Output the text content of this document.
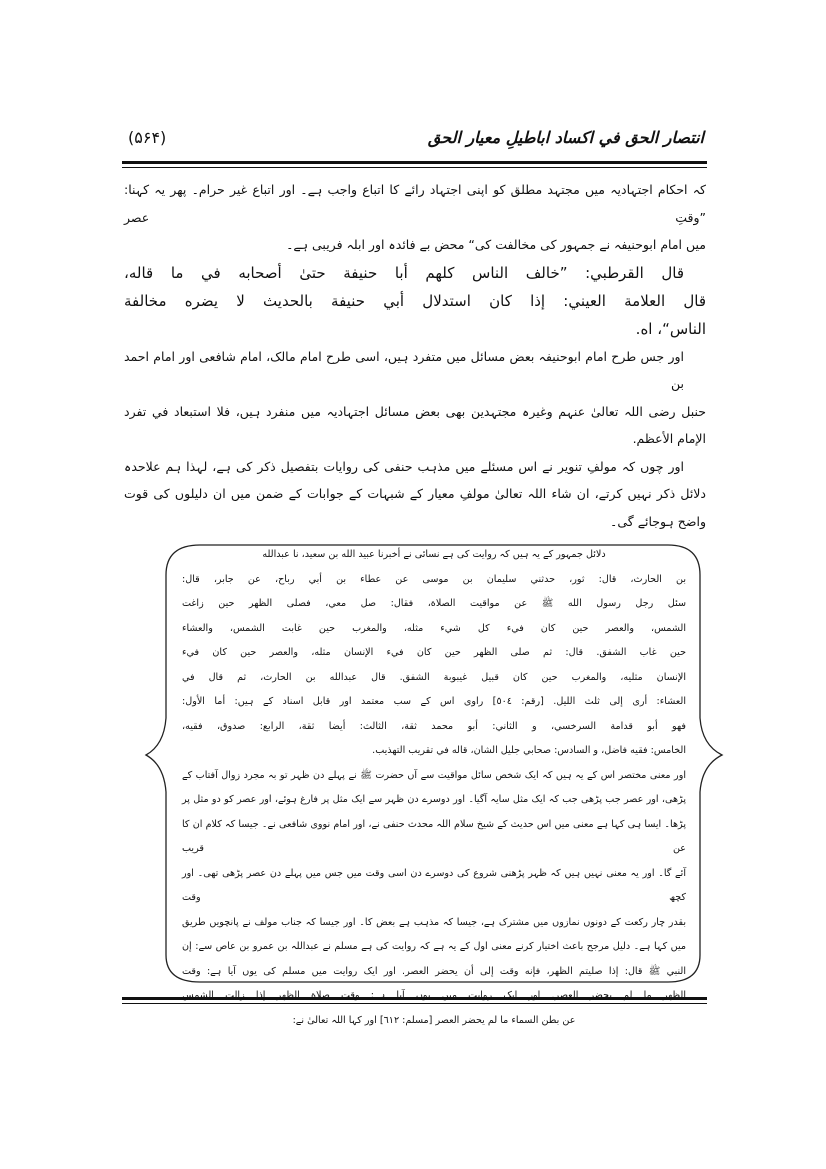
انتصار الحق في اكساد اباطيلِ معيار الحق
(۵۶۴)
کہ احکام اجتہادیہ میں مجتہد مطلق کو اپنی اجتہاد رائے کا اتباع واجب ہے۔ اور اتباع غیر حرام۔ پھر یہ کہنا: ”وقتِ عصر
میں امام ابوحنیفہ نے جمہور کی مخالفت کی“ محض بے فائدہ اور ابلہ فریبی ہے۔
قال القرطبي: ”خالف الناس كلهم أبا حنيفة حتىٰ أصحابه في ما قاله،
قال العلامة العيني: إذا كان استدلال أبي حنيفة بالحديث لا يضره مخالفة
الناس“، اه.
اور جس طرح امام ابوحنیفہ بعض مسائل میں متفرد ہیں، اسی طرح امام مالک، امام شافعی اور امام احمد بن
حنبل رضی اللہ تعالیٰ عنہم وغیرہ مجتہدین بھی بعض مسائل اجتہادیہ میں منفرد ہیں، فلا استبعاد في تفرد
الإمام الأعظم.
اور چوں کہ مولفِ تنویر نے اس مسئلے میں مذہب حنفی کی روایات بتفصیل ذکر کی ہے، لہذا ہم علاحدہ
دلائل ذکر نہیں کرتے، ان شاء اللہ تعالیٰ مولفِ معیار کے شبہات کے جوابات کے ضمن میں ان دلیلوں کی قوت
واضح ہوجائے گی۔
دلائل جمہور کے یہ ہیں کہ روایت کی ہے نسائی نے أخبرنا عبيد الله بن سعيد، نا عبدالله
بن الحارث، قال: ثور، حدثني سليمان بن موسى عن عطاء بن أبي رباح، عن جابر، قال:
سئل رجل رسول الله ﷺ عن مواقيت الصلاة، فقال: صل معي، فصلى الظهر حين زاغت
الشمس، والعصر حين كان فيء كل شيء مثله، والمغرب حين غابت الشمس، والعشاء
حين غاب الشفق. قال: ثم صلى الظهر حين كان فيء الإنسان مثله، والعصر حين كان فيء
الإنسان مثليه، والمغرب حين كان قبيل غيبوبة الشفق. قال عبدالله بن الحارث، ثم قال في
العشاء: أرى إلى ثلث الليل. [رقم: ٥٠٤] راوی اس کے سب معتمد اور قابل اسناد کے ہیں: أما الأول:
فهو أبو قدامة السرخسي، و الثاني: أبو محمد ثقة، الثالث: أيضا ثقة، الرابع: صدوق، فقيه،
الخامس: فقيه فاضل، و السادس: صحابي جليل الشان، قاله في تقريب التهذيب.
اور معنی مختصر اس کے یہ ہیں کہ ایک شخص سائل مواقیت سے آں حضرت ﷺ نے پہلے دن ظہر تو بہ مجرد زوال آفتاب کے
پڑھی، اور عصر جب پڑھی جب کہ ایک مثل سایہ آگیا۔ اور دوسرے دن ظہر سے ایک مثل پر فارغ ہوئے، اور عصر کو دو مثل پر
پڑھا۔ ایسا ہی کہا ہے معنی میں اس حدیث کے شیخ سلام اللہ محدث حنفی نے، اور امام نووی شافعی نے۔ جیسا کہ کلام ان کا عن قریب
آئے گا۔ اور یہ معنی نہیں ہیں کہ ظہر پڑھنی شروع کی دوسرے دن اسی وقت میں جس میں پہلے دن عصر پڑھی تھی۔ اور کچھ وقت
بقدر چار رکعت کے دونوں نمازوں میں مشترک ہے، جیسا کہ مذہب ہے بعض کا۔ اور جیسا کہ جناب مولف نے پانچویں طریق
میں کہا ہے۔ دلیل مرجح باعث اختیار کرنے معنی اول کے یہ ہے کہ روایت کی ہے مسلم نے عبداللہ بن عمرو بن عاص سے: إن
النبي ﷺ قال: إذا صليتم الظهر، فإنه وقت إلى أن يحضر العصر. اور ایک روایت میں مسلم کی یوں آیا ہے: وقت
الظهر ما لم يحضر العصر. اور ایک روایت میں یوں آیا ہے: وقت صلاة الظهر إذا زالت الشمس
عن بطن السماء ما لم يحضر العصر [مسلم: ٦١٢] اور کہا اللہ تعالیٰ نے:
